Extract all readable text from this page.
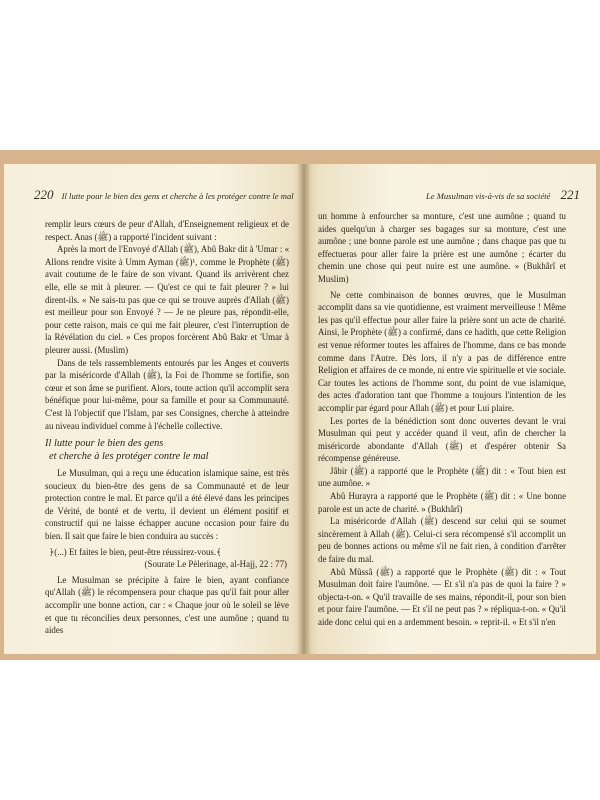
220 Il lutte pour le bien des gens et cherche à les protéger contre le mal	Le Musulman vis-à-vis de sa société 221

remplir leurs cœurs de peur d'Allah, d'Enseignement religieux et de respect. Anas (ﷺ) a rapporté l'incident suivant :

Après la mort de l'Envoyé d'Allah (ﷺ), Abû Bakr dit à 'Umar : « Allons rendre visite à Umm Ayman (ﷺ)¹, comme le Prophète (ﷺ) avait coutume de le faire de son vivant. Quand ils arrivèrent chez elle, elle se mit à pleurer. — Qu'est ce qui te fait pleurer ? » lui dirent-ils. « Ne sais-tu pas que ce qui se trouve auprès d'Allah (ﷺ) est meilleur pour son Envoyé ? — Je ne pleure pas, répondit-elle, pour cette raison, mais ce qui me fait pleurer, c'est l'interruption de la Révélation du ciel. » Ces propos forcèrent Abû Bakr et 'Umar à pleurer aussi. (Muslim)

Dans de tels rassemblements entourés par les Anges et couverts par la miséricorde d'Allah (ﷺ), la Foi de l'homme se fortifie, son cœur et son âme se purifient. Alors, toute action qu'il accomplit sera bénéfique pour lui-même, pour sa famille et pour sa Communauté. C'est là l'objectif que l'Islam, par ses Consignes, cherche à atteindre au niveau individuel comme à l'échelle collective.

Il lutte pour le bien des gens
et cherche à les protéger contre le mal

Le Musulman, qui a reçu une éducation islamique saine, est très soucieux du bien-être des gens de sa Communauté et de leur protection contre le mal. Et parce qu'il a été élevé dans les principes de Vérité, de bonté et de vertu, il devient un élément positif et constructif qui ne laisse échapper aucune occasion pour faire du bien. Il sait que faire le bien conduira au succès :

﴿(...) Et faites le bien, peut-être réussirez-vous.﴾

(Sourate Le Pèlerinage, al-Hajj, 22 : 77)

Le Musulman se précipite à faire le bien, ayant confiance qu'Allah (ﷺ) le récompensera pour chaque pas qu'il fait pour aller accomplir une bonne action, car : « Chaque jour où le soleil se lève et que tu réconcilies deux personnes, c'est une aumône ; quand tu aides

un homme à enfourcher sa monture, c'est une aumône ; quand tu aides quelqu'un à charger ses bagages sur sa monture, c'est une aumône ; une bonne parole est une aumône ; dans chaque pas que tu effectueras pour aller faire la prière est une aumône ; écarter du chemin une chose qui peut nuire est une aumône. » (Bukhârî et Muslim)

Ne cette combinaison de bonnes œuvres, que le Musulman accomplit dans sa vie quotidienne, est vraiment merveilleuse ! Même les pas qu'il effectue pour aller faire la prière sont un acte de charité. Ainsi, le Prophète (ﷺ) a confirmé, dans ce hadith, que cette Religion est venue réformer toutes les affaires de l'homme, dans ce bas monde comme dans l'Autre. Dès lors, il n'y a pas de différence entre Religion et affaires de ce monde, ni entre vie spirituelle et vie sociale. Car toutes les actions de l'homme sont, du point de vue islamique, des actes d'adoration tant que l'homme a toujours l'intention de les accomplir par égard pour Allah (ﷺ) et pour Lui plaire.

Les portes de la bénédiction sont donc ouvertes devant le vrai Musulman qui peut y accéder quand il veut, afin de chercher la miséricorde abondante d'Allah (ﷺ) et d'espérer obtenir Sa récompense généreuse.

Jâbir (ﷺ) a rapporté que le Prophète (ﷺ) dit : « Tout bien est une aumône. »

Abû Hurayra a rapporté que le Prophète (ﷺ) dit : « Une bonne parole est un acte de charité. » (Bukhârî)

La miséricorde d'Allah (ﷺ) descend sur celui qui se soumet sincèrement à Allah (ﷺ). Celui-ci sera récompensé s'il accomplit un peu de bonnes actions ou même s'il ne fait rien, à condition d'arrêter de faire du mal.

Abû Mûssâ (ﷺ) a rapporté que le Prophète (ﷺ) dit : « Tout Musulman doit faire l'aumône. — Et s'il n'a pas de quoi la faire ? » objecta-t-on. « Qu'il travaille de ses mains, répondit-il, pour son bien et pour faire l'aumône. — Et s'il ne peut pas ? » répliqua-t-on. « Qu'il aide donc celui qui en a ardemment besoin. » reprit-il. « Et s'il n'en
